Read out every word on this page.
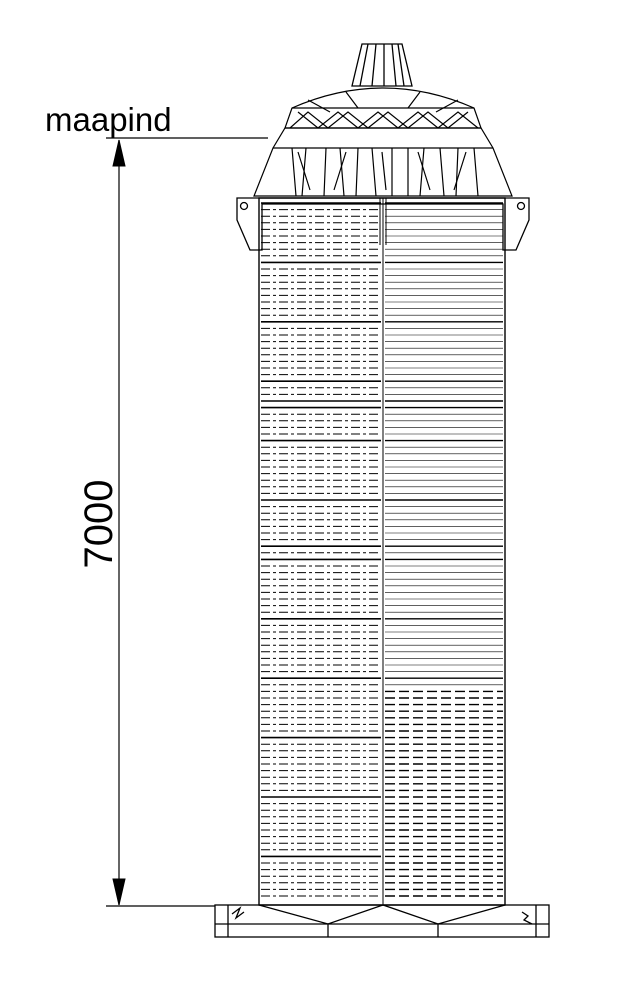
maapind
7000
